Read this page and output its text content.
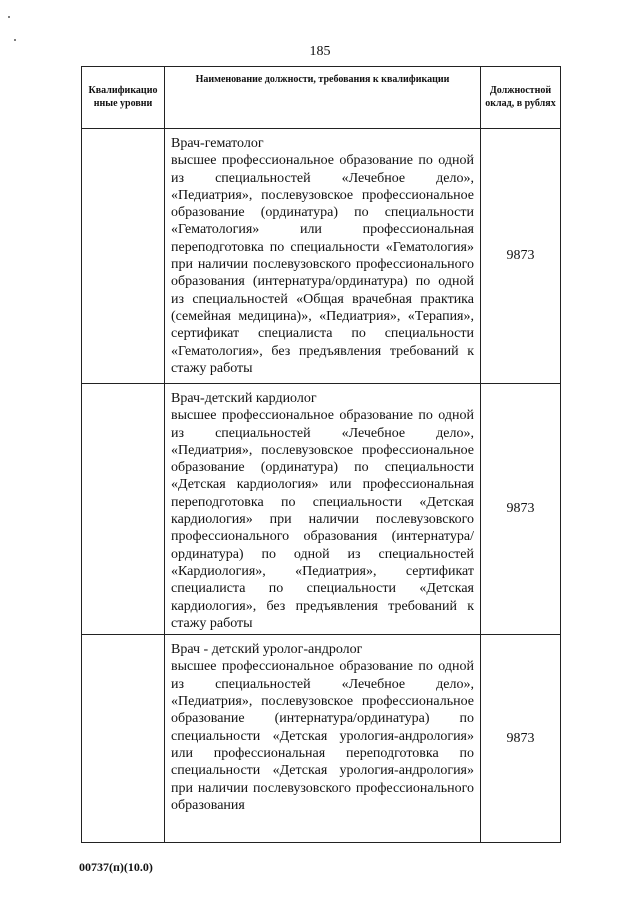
185
Квалификацио нные уровни	Наименование должности, требования к квалификации	Должностной оклад, в рублях

	Врач-гематолог
высшее профессиональное образование по одной из специальностей «Лечебное дело», «Педиатрия», послевузовское профессиональное образование (ординатура) по специальности «Гематология» или профессиональная переподготовка по специальности «Гематология» при наличии послевузовского профессионального образования (интернатура/ординатура) по одной из специальностей «Общая врачебная практика (семейная медицина)», «Педиатрия», «Терапия», сертификат специалиста по специальности «Гематология», без предъявления требований к стажу работы	9873

	Врач-детский кардиолог
высшее профессиональное образование по одной из специальностей «Лечебное дело», «Педиатрия», послевузовское профессиональное образование (ординатура) по специальности «Детская кардиология» или профессиональная переподготовка по специальности «Детская кардиология» при наличии послевузовского профессионального образования (интернатура/ординатура) по одной из специальностей «Кардиология», «Педиатрия», сертификат специалиста по специальности «Детская кардиология», без предъявления требований к стажу работы	9873

	Врач - детский уролог-андролог
высшее профессиональное образование по одной из специальностей «Лечебное дело», «Педиатрия», послевузовское профессиональное образование (интернатура/ординатура) по специальности «Детская урология-андрология» или профессиональная переподготовка по специальности «Детская урология-андрология» при наличии послевузовского профессионального образования	9873
00737(п)(10.0)
